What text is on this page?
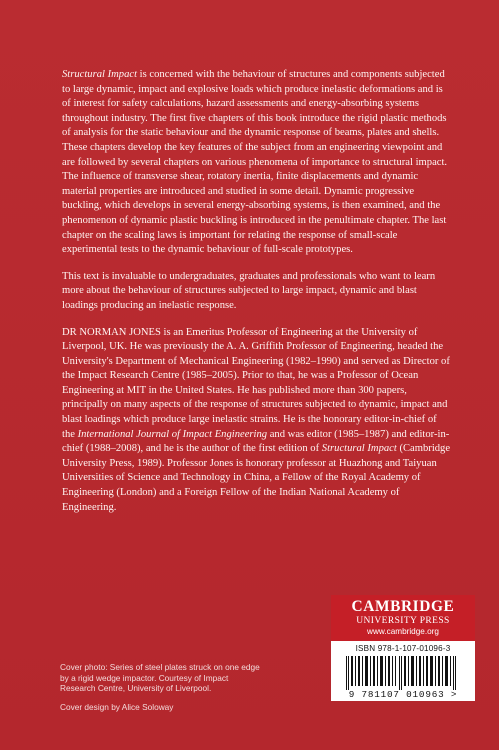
Structural Impact is concerned with the behaviour of structures and components subjected to large dynamic, impact and explosive loads which produce inelastic deformations and is of interest for safety calculations, hazard assessments and energy-absorbing systems throughout industry. The first five chapters of this book introduce the rigid plastic methods of analysis for the static behaviour and the dynamic response of beams, plates and shells. These chapters develop the key features of the subject from an engineering viewpoint and are followed by several chapters on various phenomena of importance to structural impact. The influence of transverse shear, rotatory inertia, finite displacements and dynamic material properties are introduced and studied in some detail. Dynamic progressive buckling, which develops in several energy-absorbing systems, is then examined, and the phenomenon of dynamic plastic buckling is introduced in the penultimate chapter. The last chapter on the scaling laws is important for relating the response of small-scale experimental tests to the dynamic behaviour of full-scale prototypes.

This text is invaluable to undergraduates, graduates and professionals who want to learn more about the behaviour of structures subjected to large impact, dynamic and blast loadings producing an inelastic response.

DR NORMAN JONES is an Emeritus Professor of Engineering at the University of Liverpool, UK. He was previously the A. A. Griffith Professor of Engineering, headed the University's Department of Mechanical Engineering (1982–1990) and served as Director of the Impact Research Centre (1985–2005). Prior to that, he was a Professor of Ocean Engineering at MIT in the United States. He has published more than 300 papers, principally on many aspects of the response of structures subjected to dynamic, impact and blast loadings which produce large inelastic strains. He is the honorary editor-in-chief of the International Journal of Impact Engineering and was editor (1985–1987) and editor-in-chief (1988–2008), and he is the author of the first edition of Structural Impact (Cambridge University Press, 1989). Professor Jones is honorary professor at Huazhong and Taiyuan Universities of Science and Technology in China, a Fellow of the Royal Academy of Engineering (London) and a Foreign Fellow of the Indian National Academy of Engineering.

Cover photo: Series of steel plates struck on one edge by a rigid wedge impactor. Courtesy of Impact Research Centre, University of Liverpool.

Cover design by Alice Soloway

CAMBRIDGE
UNIVERSITY PRESS
www.cambridge.org
ISBN 978-1-107-01096-3
9 781107 010963 >
